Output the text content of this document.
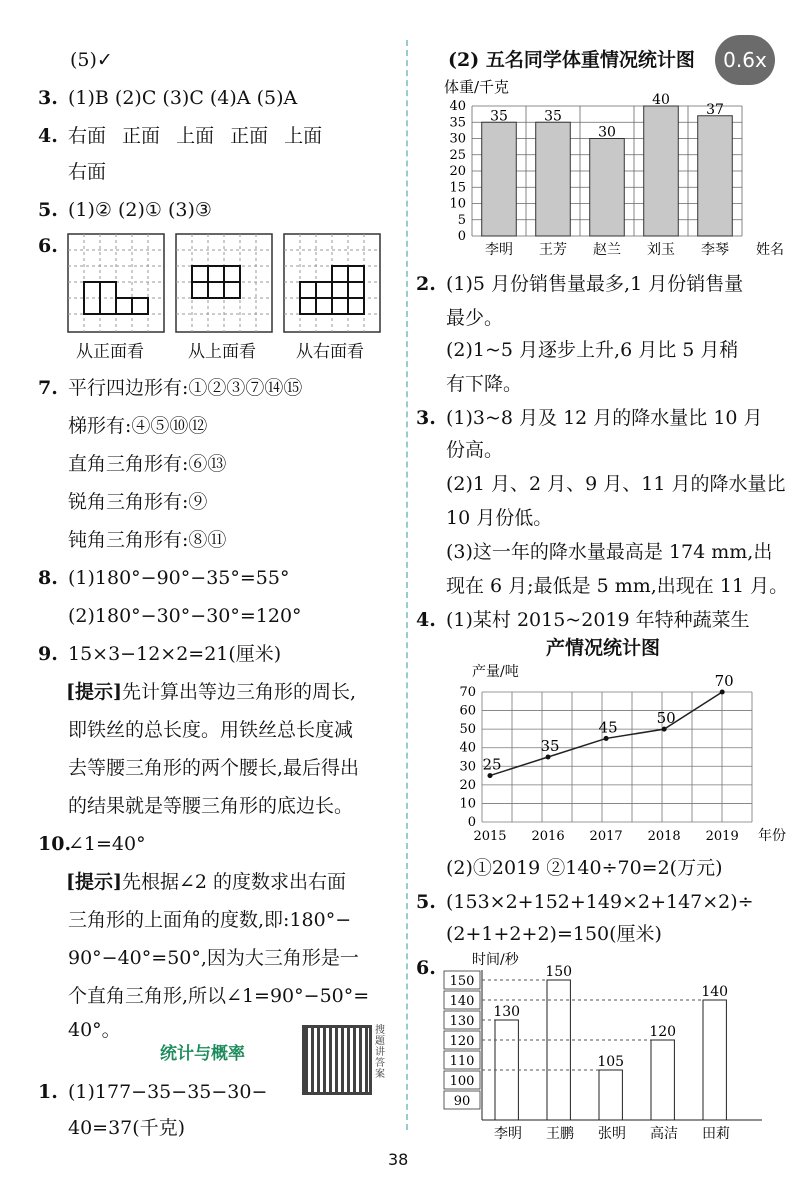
(5)✓
3. (1)B (2)C (3)C (4)A (5)A
4. 右面 正面 上面 正面 上面
右面
5. (1)② (2)① (3)③
6.
从正面看	从上面看 从右面看
7. 平行四边形有:①②③⑦⑭⑮
梯形有:④⑤⑩⑫
直角三角形有:⑥⑬
锐角三角形有:⑨
钝角三角形有:⑧⑪
8. (1)180°−90°−35°=55°
(2)180°−30°−30°=120°
9. 15×3−12×2=21(厘米)
[提示]先计算出等边三角形的周长,
即铁丝的总长度。用铁丝总长度减
去等腰三角形的两个腰长,最后得出
的结果就是等腰三角形的底边长。
10.∠1=40°
[提示]先根据∠2 的度数求出右面
三角形的上面角的度数,即:180°−
90°−40°=50°,因为大三角形是一
个直角三角形,所以∠1=90°−50°=
40°。
统计与概率
搜题讲答案
1. (1)177−35−35−30−
40=37(千克)
(2) 五名同学体重情况统计图
体重/千克
0
5
10
15
20
25
30
35
40
35
李明
35
王芳
30
赵兰
40
刘玉
37
李琴 姓名
2. (1)5 月份销售量最多,1 月份销售量
最少。
(2)1~5 月逐步上升,6 月比 5 月稍
有下降。
3. (1)3~8 月及 12 月的降水量比 10 月
份高。
(2)1 月、2 月、9 月、11 月的降水量比
10 月份低。
(3)这一年的降水量最高是 174 mm,出
现在 6 月;最低是 5 mm,出现在 11 月。
4. (1)某村 2015~2019 年特种蔬菜生
产情况统计图
产量/吨
0
10
20
30
40
50
60
70
25
2015
35
2016
45
2017
50
2018
70
2019 年份
(2)①2019 ②140÷70=2(万元)
5. (153×2+152+149×2+147×2)÷
(2+1+2+2)=150(厘米)
6.	时间/秒
90
100
110
120
130
140
150
130
李明
150
王鹏
105
张明
120
高洁
140
田莉
0.6x
38
